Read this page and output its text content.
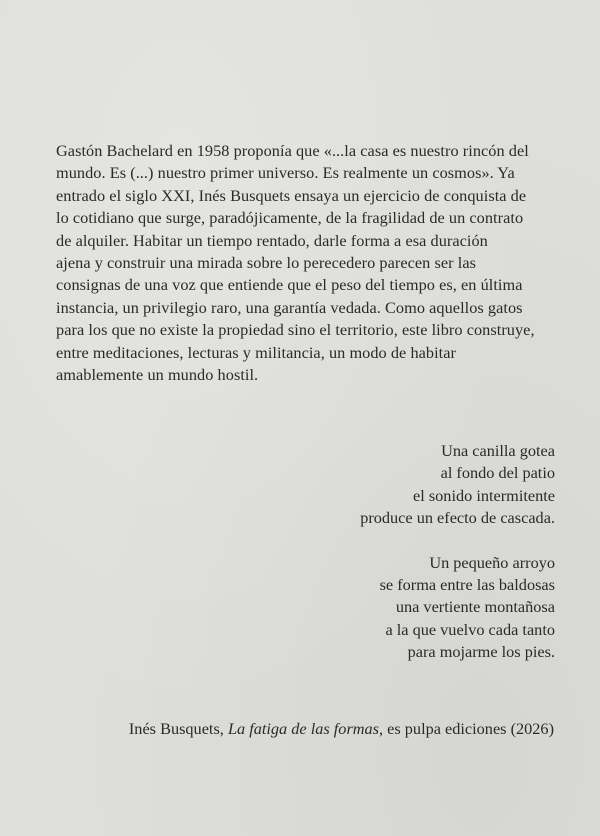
Gastón Bachelard en 1958 proponía que «...la casa es nuestro rincón del
mundo. Es (...) nuestro primer universo. Es realmente un cosmos». Ya
entrado el siglo XXI, Inés Busquets ensaya un ejercicio de conquista de
lo cotidiano que surge, paradójicamente, de la fragilidad de un contrato
de alquiler. Habitar un tiempo rentado, darle forma a esa duración
ajena y construir una mirada sobre lo perecedero parecen ser las
consignas de una voz que entiende que el peso del tiempo es, en última
instancia, un privilegio raro, una garantía vedada. Como aquellos gatos
para los que no existe la propiedad sino el territorio, este libro construye,
entre meditaciones, lecturas y militancia, un modo de habitar
amablemente un mundo hostil.

Una canilla gotea
al fondo del patio
el sonido intermitente
produce un efecto de cascada.
Un pequeño arroyo
se forma entre las baldosas
una vertiente montañosa
a la que vuelvo cada tanto
para mojarme los pies.
Inés Busquets, La fatiga de las formas, es pulpa ediciones (2026)
